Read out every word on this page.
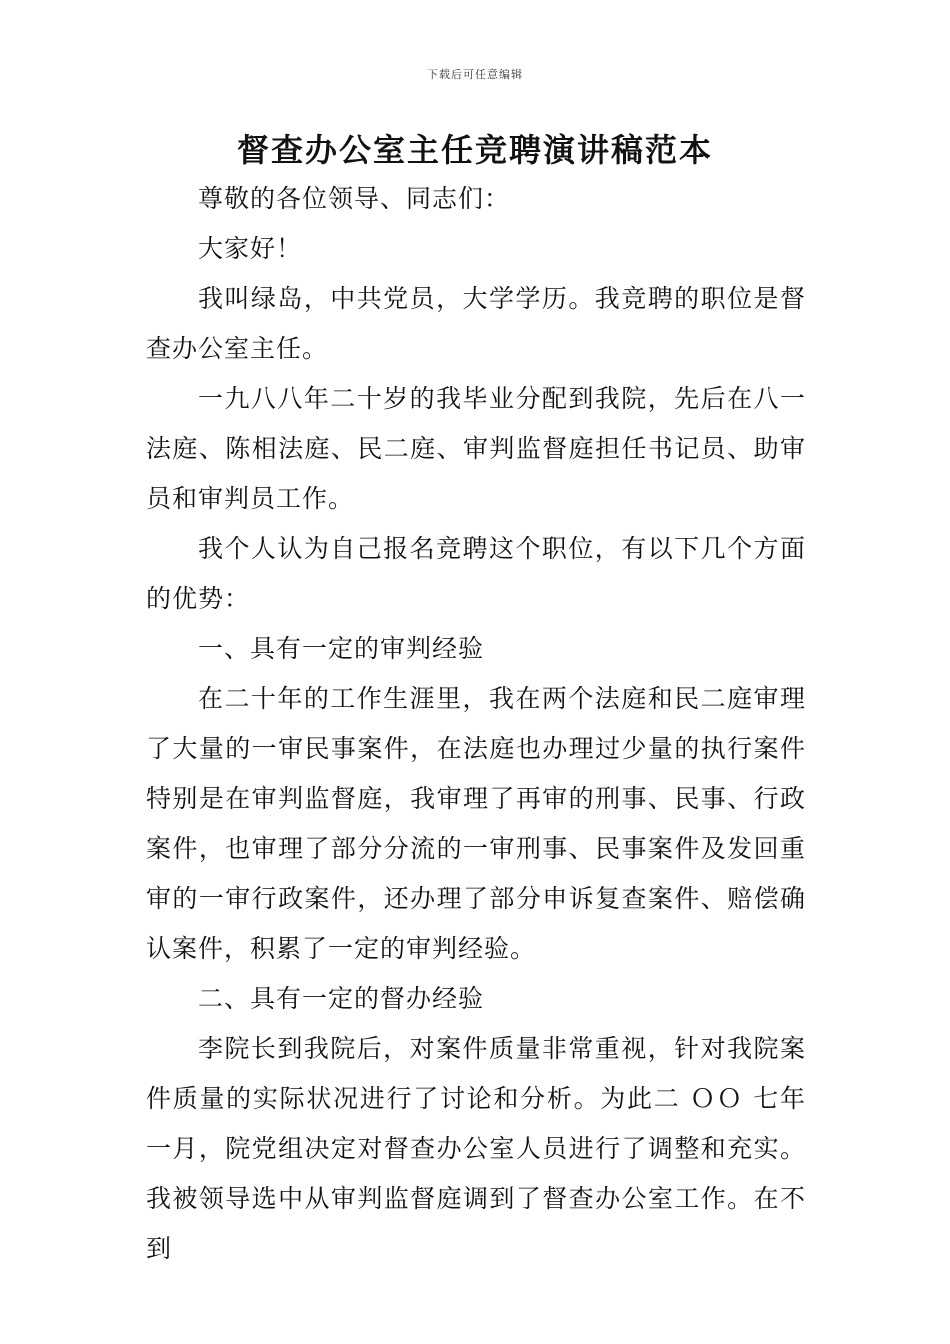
下载后可任意编辑
督查办公室主任竞聘演讲稿范本

尊敬的各位领导、同志们：

大家好！

我叫绿岛，中共党员，大学学历。我竞聘的职位是督查办公室主任。

一九八八年二十岁的我毕业分配到我院，先后在八一法庭、陈相法庭、民二庭、审判监督庭担任书记员、助审员和审判员工作。

我个人认为自己报名竞聘这个职位，有以下几个方面的优势：

一、具有一定的审判经验

在二十年的工作生涯里，我在两个法庭和民二庭审理了大量的一审民事案件，在法庭也办理过少量的执行案件特别是在审判监督庭，我审理了再审的刑事、民事、行政案件，也审理了部分分流的一审刑事、民事案件及发回重审的一审行政案件，还办理了部分申诉复查案件、赔偿确认案件，积累了一定的审判经验。

二、具有一定的督办经验

李院长到我院后，对案件质量非常重视，针对我院案件质量的实际状况进行了讨论和分析。为此二 ＯＯ 七年一月，院党组决定对督查办公室人员进行了调整和充实。我被领导选中从审判监督庭调到了督查办公室工作。在不到
